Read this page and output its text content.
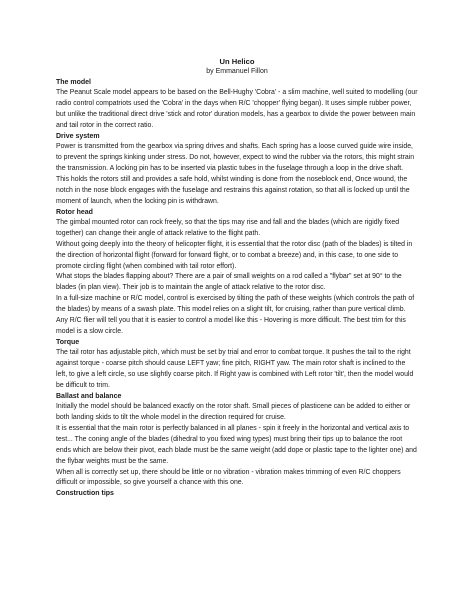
Un Helico

by Emmanuel Fillon

The model

The Peanut Scale model appears to be based on the Bell-Hughy 'Cobra' - a slim machine, well suited to modelling (our radio control compatriots used the 'Cobra' in the days when R/C 'chopper' flying began). It uses simple rubber power, but unlike the traditional direct drive 'stick and rotor' duration models, has a gearbox to divide the power between main and tail rotor in the correct ratio.

Drive system

Power is transmitted from the gearbox via spring drives and shafts. Each spring has a loose curved guide wire inside, to prevent the springs kinking under stress. Do not, however, expect to wind the rubber via the rotors, this might strain the transmission. A locking pin has to be inserted via plastic tubes in the fuselage through a loop in the drive shaft.

This holds the rotors still and provides a safe hold, whilst winding is done from the noseblock end, Once wound, the notch in the nose block engages with the fuselage and restrains this against rotation, so that all is locked up until the moment of launch, when the locking pin is withdrawn.

Rotor head

The gimbal mounted rotor can rock freely, so that the tips may rise and fall and the blades (which are rigidly fixed together) can change their angle of attack relative to the flight path.

Without going deeply into the theory of helicopter flight, it is essential that the rotor disc (path of the blades) is tilted in the direction of horizontal flight (forward for forward flight, or to combat a breeze) and, in this case, to one side to promote circling flight (when combined with tail rotor effort).

What stops the blades flapping about? There are a pair of small weights on a rod called a "flybar" set at 90° to the blades (in plan view). Their job is to maintain the angle of attack relative to the rotor disc.

In a full-size machine or R/C model, control is exercised by tilting the path of these weights (which controls the path of the blades) by means of a swash plate. This model relies on a slight tilt, for cruising, rather than pure vertical climb. Any R/C flier will tell you that it is easier to control a model like this - Hovering is more difficult. The best trim for this model is a slow circle.

Torque

The tail rotor has adjustable pitch, which must be set by trial and error to combat torque. It pushes the tail to the right against torque - coarse pitch should cause LEFT yaw; fine pitch, RIGHT yaw. The main rotor shaft is inclined to the left, to give a left circle, so use slightly coarse pitch. If Right yaw is combined with Left rotor 'tilt', then the model would be difficult to trim.

Ballast and balance

Initially the model should be balanced exactly on the rotor shaft. Small pieces of plasticene can be added to either or both landing skids to tilt the whole model in the direction required for cruise.

It is essential that the main rotor is perfectly balanced in all planes - spin it freely in the horizontal and vertical axis to test... The coning angle of the blades (dihedral to you fixed wing types) must bring their tips up to balance the root ends which are below their pivot, each blade must be the same weight (add dope or plastic tape to the lighter one) and the flybar weights must be the same.

When all is correctly set up, there should be little or no vibration - vibration makes trimming of even R/C choppers difficult or impossible, so give yourself a chance with this one.

Construction tips
